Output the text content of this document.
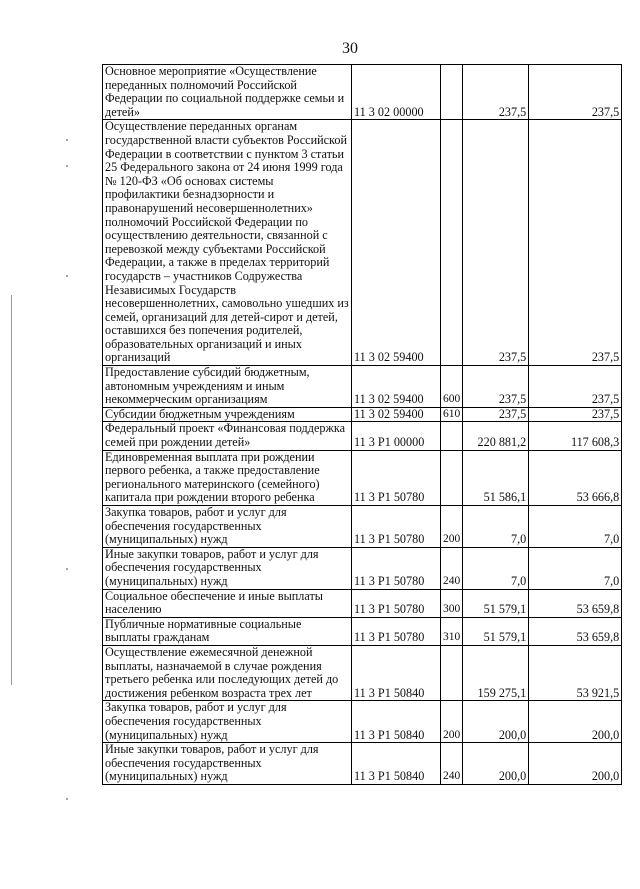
30
Основное мероприятие «Осуществление переданных полномочий Российской Федерации по социальной поддержке семьи и детей»	11 3 02 00000		237,5	237,5
Осуществление переданных органам государственной власти субъектов Российской Федерации в соответствии с пунктом 3 статьи 25 Федерального закона от 24 июня 1999 года № 120-ФЗ «Об основах системы профилактики безнадзорности и правонарушений несовершеннолетних» полномочий Российской Федерации по осуществлению деятельности, связанной с перевозкой между субъектами Российской Федерации, а также в пределах территорий государств – участников Содружества Независимых Государств несовершеннолетних, самовольно ушедших из семей, организаций для детей-сирот и детей, оставшихся без попечения родителей, образовательных организаций и иных организаций	11 3 02 59400		237,5	237,5
Предоставление субсидий бюджетным, автономным учреждениям и иным некоммерческим организациям	11 3 02 59400	600	237,5	237,5
Субсидии бюджетным учреждениям	11 3 02 59400	610	237,5	237,5
Федеральный проект «Финансовая поддержка семей при рождении детей»	11 3 P1 00000		220 881,2	117 608,3
Единовременная выплата при рождении первого ребенка, а также предоставление регионального материнского (семейного) капитала при рождении второго ребенка	11 3 P1 50780		51 586,1	53 666,8
Закупка товаров, работ и услуг для обеспечения государственных (муниципальных) нужд	11 3 P1 50780	200	7,0	7,0
Иные закупки товаров, работ и услуг для обеспечения государственных (муниципальных) нужд	11 3 P1 50780	240	7,0	7,0
Социальное обеспечение и иные выплаты населению	11 3 P1 50780	300	51 579,1	53 659,8
Публичные нормативные социальные выплаты гражданам	11 3 P1 50780	310	51 579,1	53 659,8
Осуществление ежемесячной денежной выплаты, назначаемой в случае рождения третьего ребенка или последующих детей до достижения ребенком возраста трех лет	11 3 P1 50840		159 275,1	53 921,5
Закупка товаров, работ и услуг для обеспечения государственных (муниципальных) нужд	11 3 P1 50840	200	200,0	200,0
Иные закупки товаров, работ и услуг для обеспечения государственных (муниципальных) нужд	11 3 P1 50840	240	200,0	200,0
